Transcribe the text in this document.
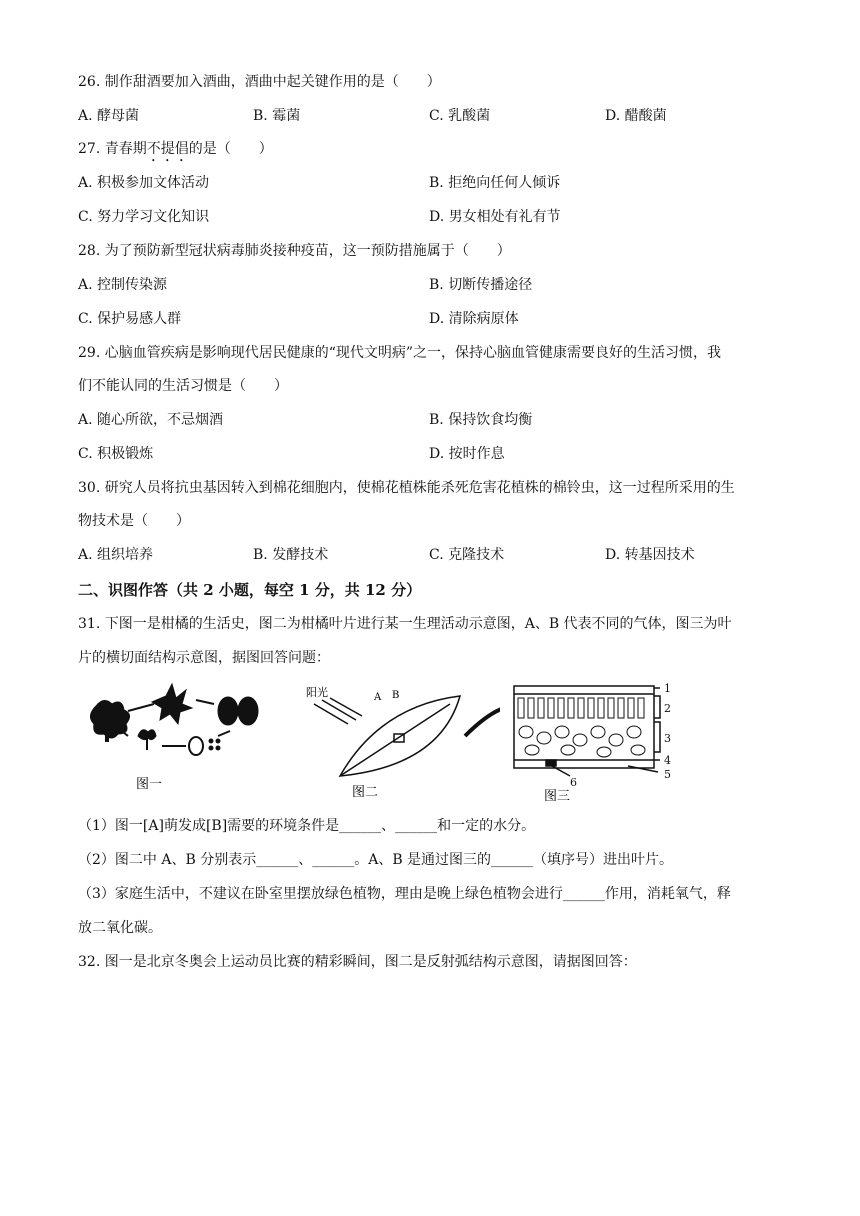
26. 制作甜酒要加入酒曲，酒曲中起关键作用的是（　　）
A. 酵母菌	B. 霉菌	C. 乳酸菌	D. 醋酸菌
27. 青春期不提倡的是（　　）
A. 积极参加文体活动	B. 拒绝向任何人倾诉
C. 努力学习文化知识	D. 男女相处有礼有节
28. 为了预防新型冠状病毒肺炎接种疫苗，这一预防措施属于（　　）
A. 控制传染源	B. 切断传播途径
C. 保护易感人群	D. 清除病原体
29. 心脑血管疾病是影响现代居民健康的“现代文明病”之一，保持心脑血管健康需要良好的生活习惯，我
们不能认同的生活习惯是（　　）
A. 随心所欲，不忌烟酒	B. 保持饮食均衡
C. 积极锻炼	D. 按时作息
30. 研究人员将抗虫基因转入到棉花细胞内，使棉花植株能杀死危害花植株的棉铃虫，这一过程所采用的生
物技术是（　　）
A. 组织培养	B. 发酵技术	C. 克隆技术	D. 转基因技术
二、识图作答（共 2 小题，每空 1 分，共 12 分）
31. 下图一是柑橘的生活史，图二为柑橘叶片进行某一生理活动示意图，A、B 代表不同的气体，图三为叶
片的横切面结构示意图，据图回答问题：
图一
阳光	A B
图二
1
2
3
4
5
6
图三
（1）图一[A]萌发成[B]需要的环境条件是______、______和一定的水分。
（2）图二中 A、B 分别表示______、______。A、B 是通过图三的______（填序号）进出叶片。
（3）家庭生活中，不建议在卧室里摆放绿色植物，理由是晚上绿色植物会进行______作用，消耗氧气，释
放二氧化碳。
32. 图一是北京冬奥会上运动员比赛的精彩瞬间，图二是反射弧结构示意图，请据图回答：
